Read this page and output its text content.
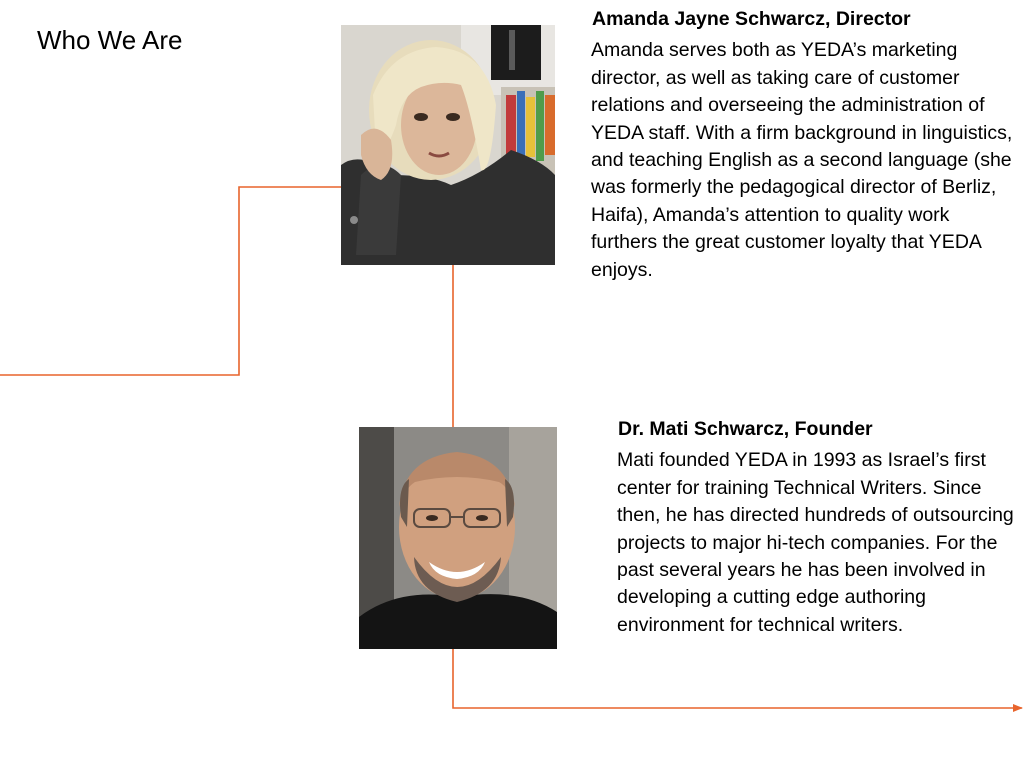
Who We Are

Amanda Jayne Schwarcz, Director

Amanda serves both as YEDA’s marketing director, as well as taking care of customer relations and overseeing the administration of YEDA staff. With a firm background in linguistics, and teaching English as a second language (she was formerly the pedagogical director of Berliz, Haifa), Amanda’s attention to quality work furthers the great customer loyalty that YEDA enjoys.

Dr. Mati Schwarcz, Founder

Mati founded YEDA in 1993 as Israel’s first center for training Technical Writers. Since then, he has directed hundreds of outsourcing projects to major hi-tech companies. For the past several years he has been involved in developing a cutting edge authoring environment for technical writers.
